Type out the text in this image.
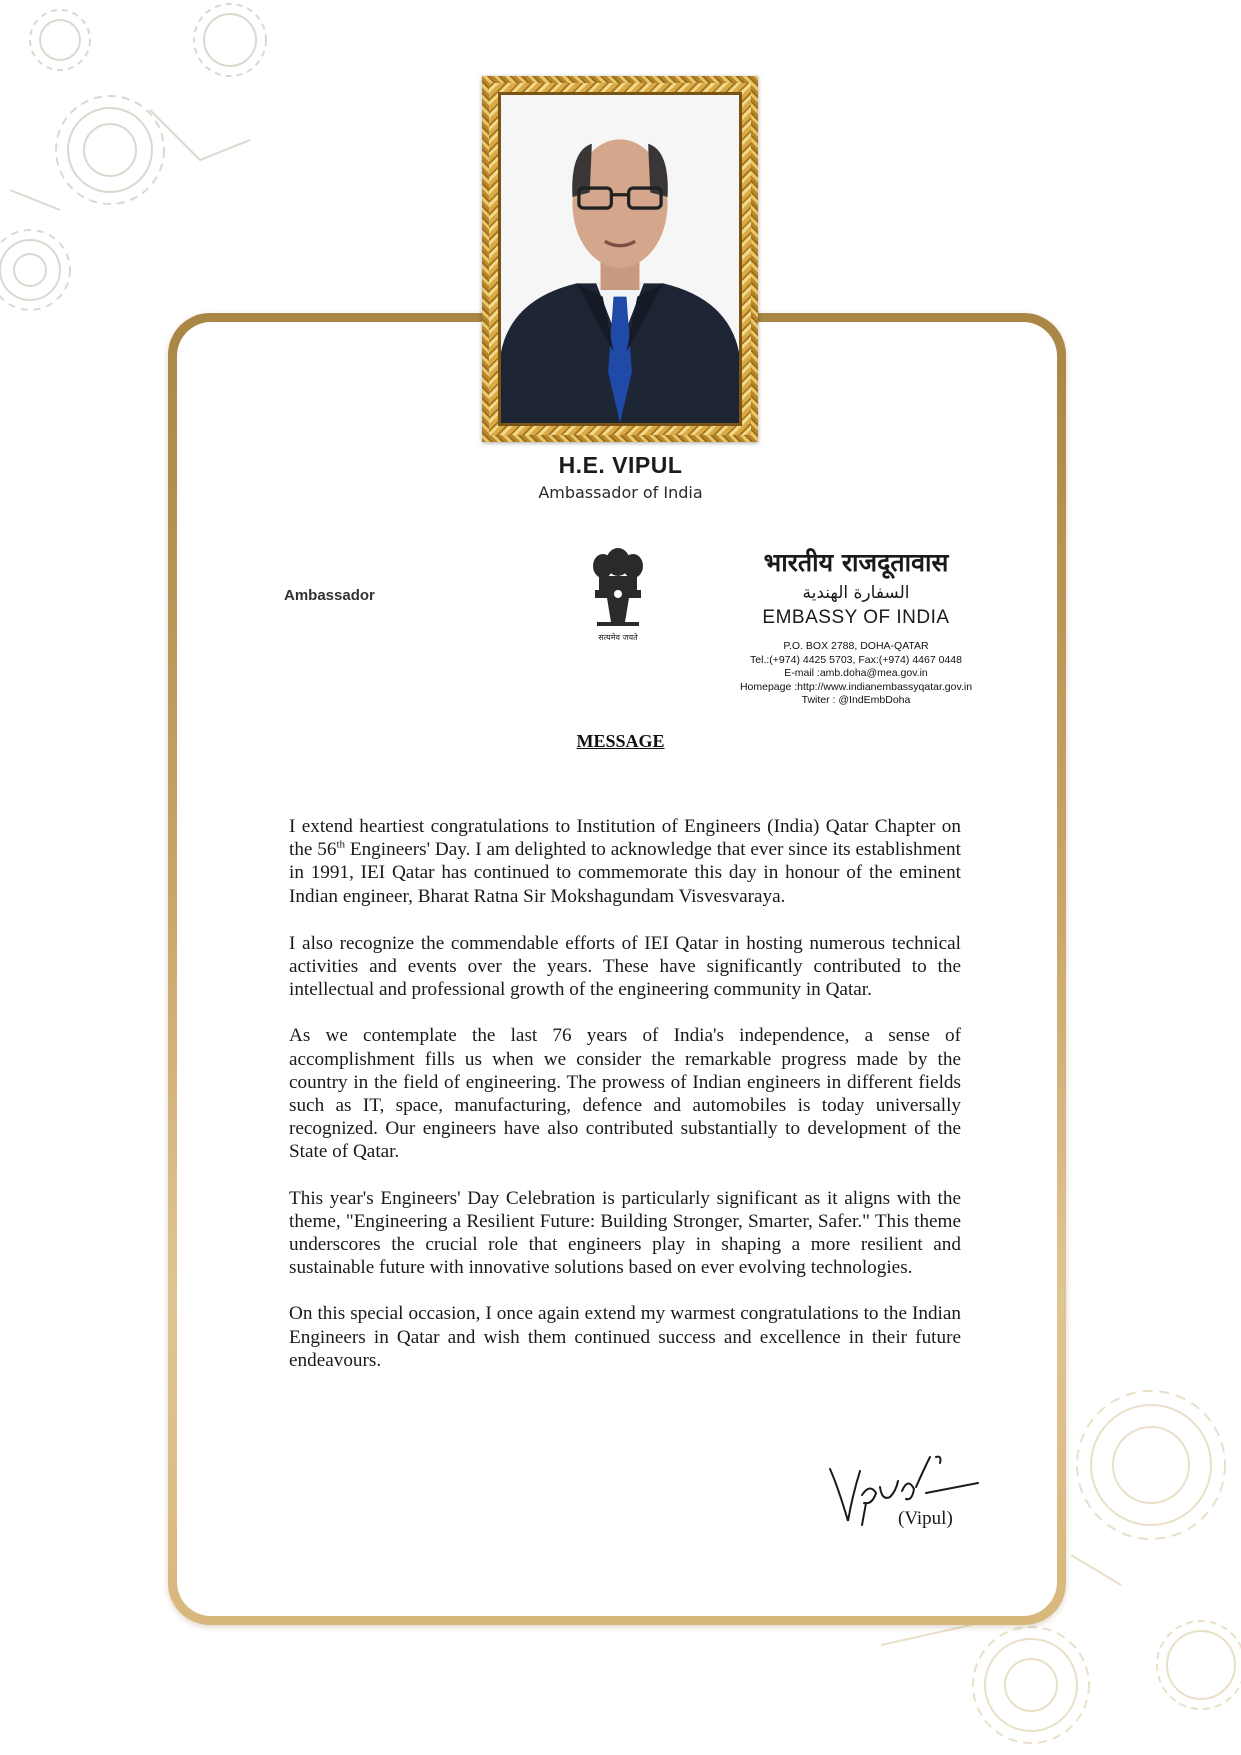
H.E. VIPUL
Ambassador of India
Ambassador
सत्यमेव जयते
भारतीय राजदूतावास
السفارة الهندية
EMBASSY OF INDIA
P.O. BOX 2788, DOHA-QATAR
Tel.:(+974) 4425 5703, Fax:(+974) 4467 0448
E-mail :amb.doha@mea.gov.in
Homepage :http://www.indianembassyqatar.gov.in
Twiter : @IndEmbDoha
MESSAGE

I extend heartiest congratulations to Institution of Engineers (India) Qatar Chapter on the 56th Engineers' Day. I am delighted to acknowledge that ever since its establishment in 1991, IEI Qatar has continued to commemorate this day in honour of the eminent Indian engineer, Bharat Ratna Sir Mokshagundam Visvesvaraya.

I also recognize the commendable efforts of IEI Qatar in hosting numerous technical activities and events over the years. These have significantly contributed to the intellectual and professional growth of the engineering community in Qatar.

As we contemplate the last 76 years of India's independence, a sense of accomplishment fills us when we consider the remarkable progress made by the country in the field of engineering. The prowess of Indian engineers in different fields such as IT, space, manufacturing, defence and automobiles is today universally recognized. Our engineers have also contributed substantially to development of the State of Qatar.

This year's Engineers' Day Celebration is particularly significant as it aligns with the theme, "Engineering a Resilient Future: Building Stronger, Smarter, Safer." This theme underscores the crucial role that engineers play in shaping a more resilient and sustainable future with innovative solutions based on ever evolving technologies.

On this special occasion, I once again extend my warmest congratulations to the Indian Engineers in Qatar and wish them continued success and excellence in their future endeavours.

(Vipul)
